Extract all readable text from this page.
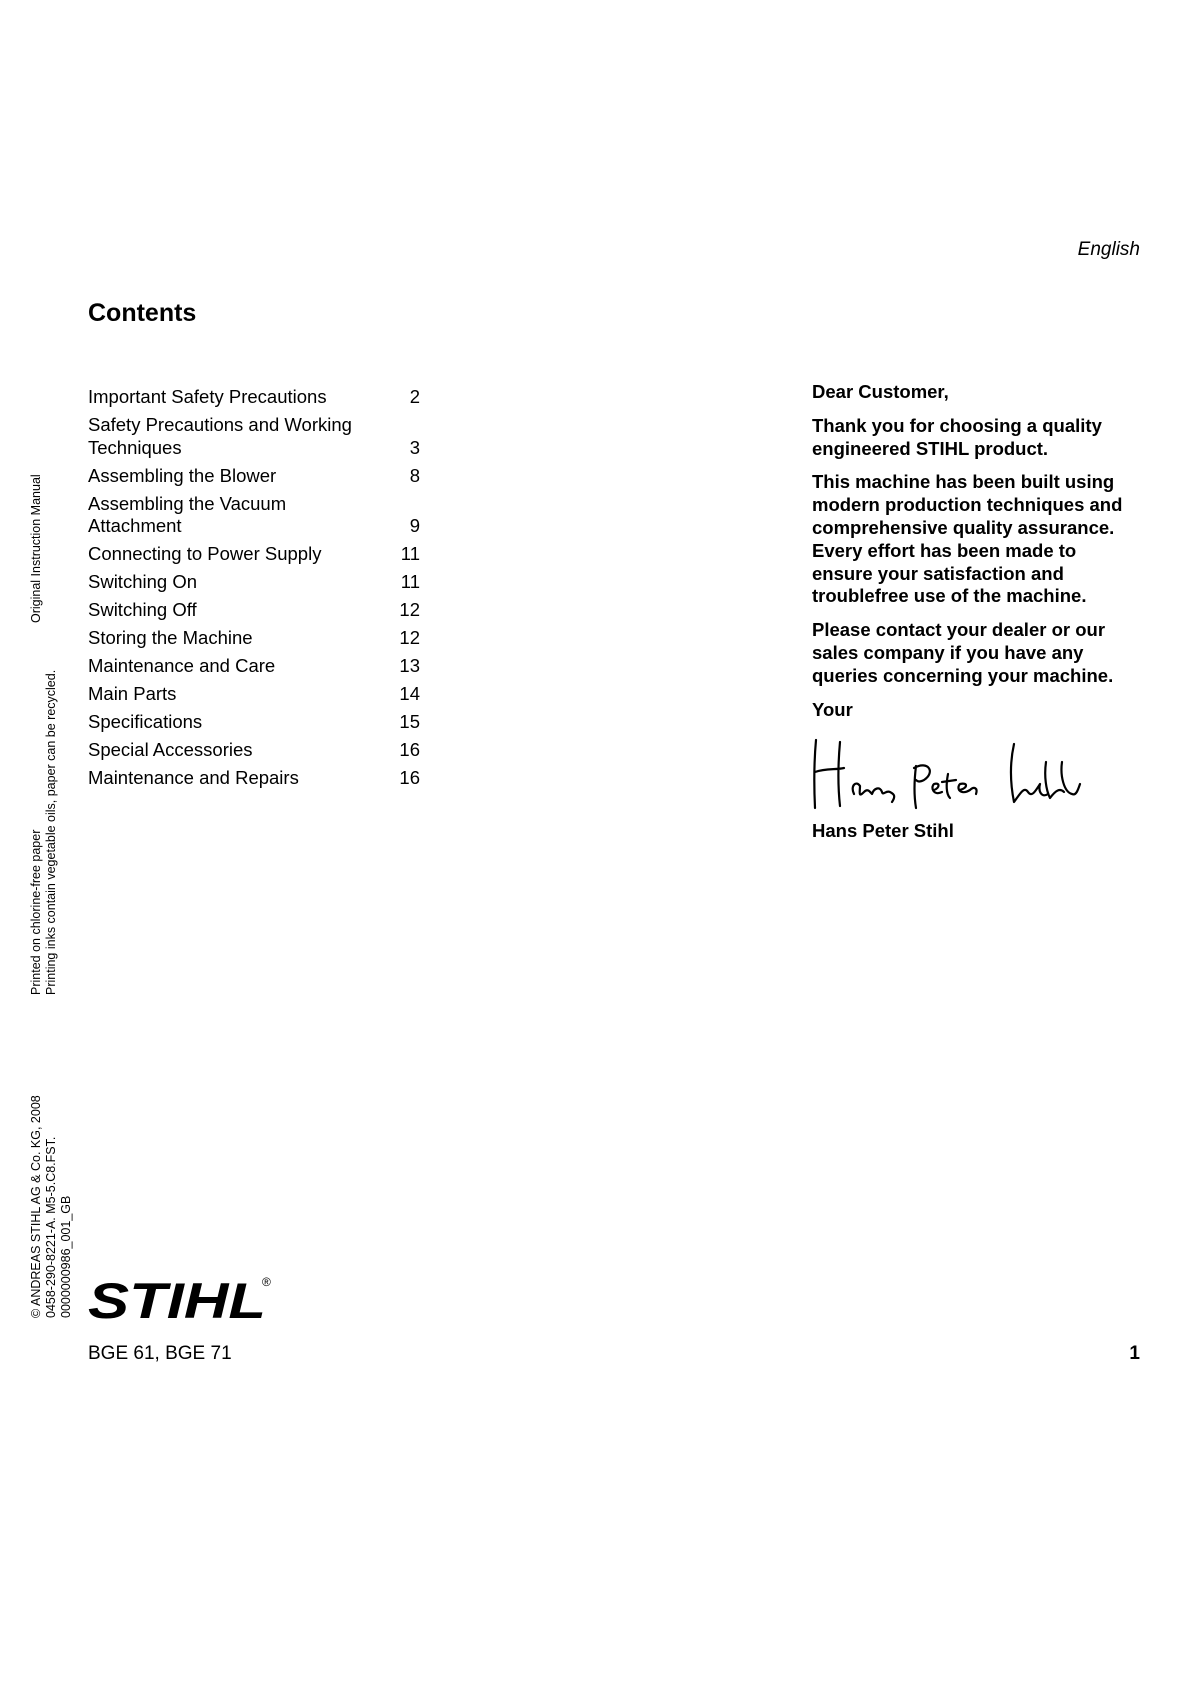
English
Contents
Important Safety Precautions	2
Safety Precautions and Working Techniques	3
Assembling the Blower	8
Assembling the Vacuum Attachment	9
Connecting to Power Supply	11
Switching On	11
Switching Off	12
Storing the Machine	12
Maintenance and Care	13
Main Parts	14
Specifications	15
Special Accessories	16
Maintenance and Repairs	16

Dear Customer,

Thank you for choosing a quality engineered STIHL product.

This machine has been built using modern production techniques and comprehensive quality assurance. Every effort has been made to ensure your satisfaction and troublefree use of the machine.

Please contact your dealer or our sales company if you have any queries concerning your machine.

Your

Hans Peter Stihl
Original Instruction Manual
Printed on chlorine-free paper Printing inks contain vegetable oils, paper can be recycled.
© ANDREAS STIHL AG & Co. KG, 2008 0458-290-8221-A. M5-5.C8.FST. 0000000986_001_GB STIHL
®
BGE 61, BGE 71	1
